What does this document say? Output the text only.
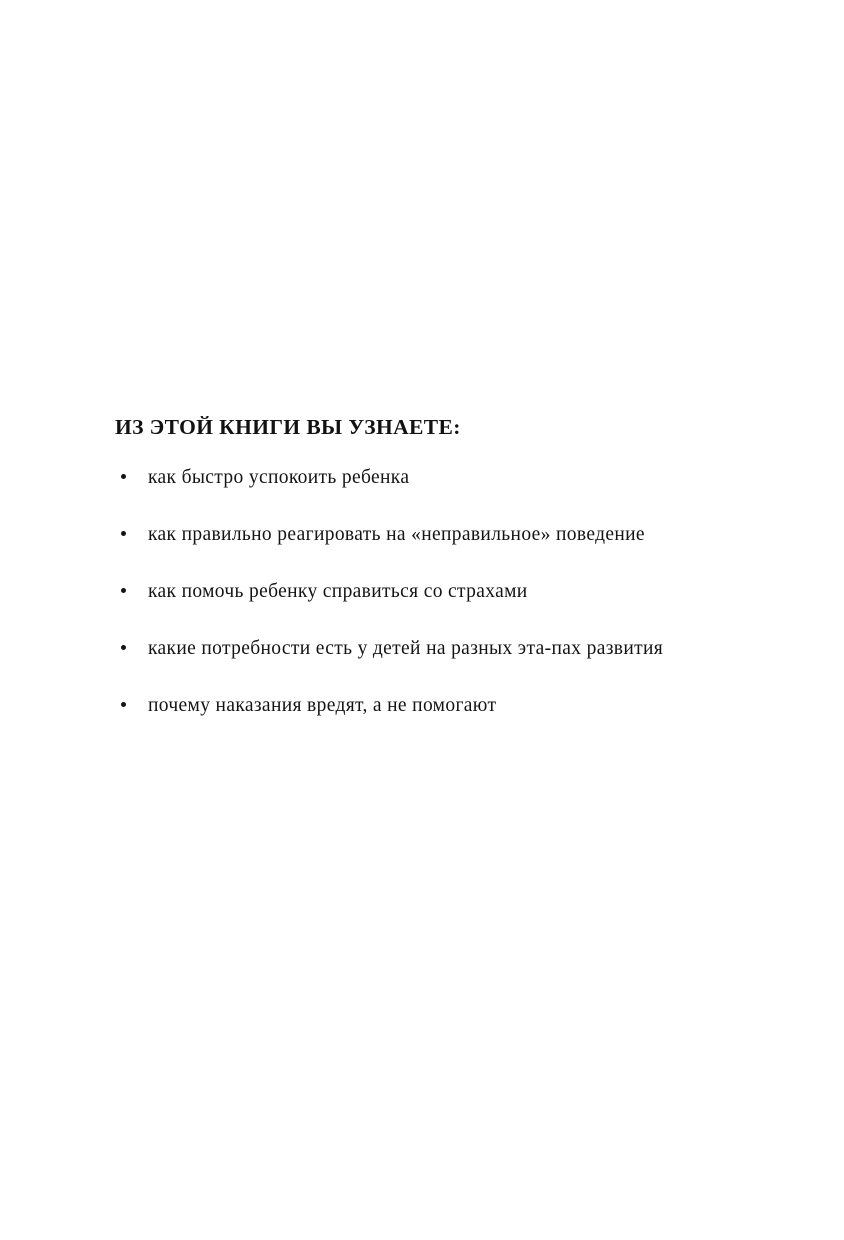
ИЗ ЭТОЙ КНИГИ ВЫ УЗНАЕТЕ:
как быстро успокоить ребенка
как правильно реагировать на «неправильное» поведение
как помочь ребенку справиться со страхами
какие потребности есть у детей на разных эта-пах развития
почему наказания вредят, а не помогают
